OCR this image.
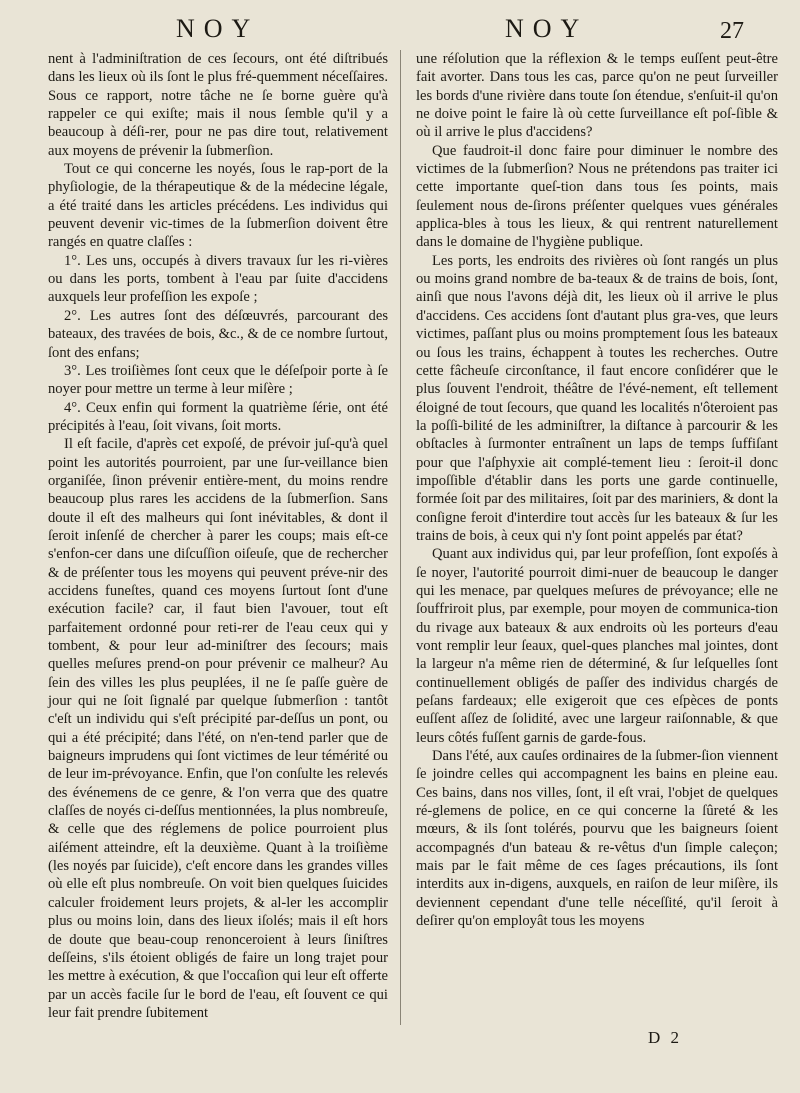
NOY	NOY	27

nent à l'adminiſtration de ces ſecours, ont été diſtribués dans les lieux où ils ſont le plus fré-quemment néceſſaires. Sous ce rapport, notre tâche ne ſe borne guère qu'à rappeler ce qui exiſte; mais il nous ſemble qu'il y a beaucoup à déſi-rer, pour ne pas dire tout, relativement aux moyens de prévenir la ſubmerſion.

Tout ce qui concerne les noyés, ſous le rap-port de la phyſiologie, de la thérapeutique & de la médecine légale, a été traité dans les articles précédens. Les individus qui peuvent devenir vic-times de la ſubmerſion doivent être rangés en quatre claſſes :

1°. Les uns, occupés à divers travaux ſur les ri-vières ou dans les ports, tombent à l'eau par ſuite d'accidens auxquels leur profeſſion les expoſe ;

2°. Les autres ſont des déſœuvrés, parcourant des bateaux, des travées de bois, &c., & de ce nombre ſurtout, ſont des enfans;

3°. Les troiſièmes ſont ceux que le déſeſpoir porte à ſe noyer pour mettre un terme à leur miſère ;

4°. Ceux enfin qui forment la quatrième ſérie, ont été précipités à l'eau, ſoit vivans, ſoit morts.

Il eſt facile, d'après cet expoſé, de prévoir juſ-qu'à quel point les autorités pourroient, par une ſur-veillance bien organiſée, ſinon prévenir entière-ment, du moins rendre beaucoup plus rares les accidens de la ſubmerſion. Sans doute il eſt des malheurs qui ſont inévitables, & dont il ſeroit inſenſé de chercher à parer les coups; mais eſt-ce s'enfon-cer dans une diſcuſſion oiſeuſe, que de rechercher & de préſenter tous les moyens qui peuvent préve-nir des accidens funeſtes, quand ces moyens ſurtout ſont d'une exécution facile? car, il faut bien l'avouer, tout eſt parfaitement ordonné pour reti-rer de l'eau ceux qui y tombent, & pour leur ad-miniſtrer des ſecours; mais quelles meſures prend-on pour prévenir ce malheur? Au ſein des villes les plus peuplées, il ne ſe paſſe guère de jour qui ne ſoit ſignalé par quelque ſubmerſion : tantôt c'eſt un individu qui s'eſt précipité par-deſſus un pont, ou qui a été précipité; dans l'été, on n'en-tend parler que de baigneurs imprudens qui ſont victimes de leur témérité ou de leur im-prévoyance. Enfin, que l'on conſulte les relevés des événemens de ce genre, & l'on verra que des quatre claſſes de noyés ci-deſſus mentionnées, la plus nombreuſe, & celle que des réglemens de police pourroient plus aiſément atteindre, eſt la deuxième. Quant à la troiſième (les noyés par ſuicide), c'eſt encore dans les grandes villes où elle eſt plus nombreuſe. On voit bien quelques ſuicides calculer froidement leurs projets, & al-ler les accomplir plus ou moins loin, dans des lieux iſolés; mais il eſt hors de doute que beau-coup renonceroient à leurs ſiniſtres deſſeins, s'ils étoient obligés de faire un long trajet pour les mettre à exécution, & que l'occaſion qui leur eſt offerte par un accès facile ſur le bord de l'eau, eſt ſouvent ce qui leur fait prendre ſubitement

une réſolution que la réflexion & le temps euſſent peut-être fait avorter. Dans tous les cas, parce qu'on ne peut ſurveiller les bords d'une rivière dans toute ſon étendue, s'enſuit-il qu'on ne doive point le faire là où cette ſurveillance eſt poſ-ſible & où il arrive le plus d'accidens?

Que faudroit-il donc faire pour diminuer le nombre des victimes de la ſubmerſion? Nous ne prétendons pas traiter ici cette importante queſ-tion dans tous ſes points, mais ſeulement nous de-ſirons préſenter quelques vues générales applica-bles à tous les lieux, & qui rentrent naturellement dans le domaine de l'hygiène publique.

Les ports, les endroits des rivières où ſont rangés un plus ou moins grand nombre de ba-teaux & de trains de bois, ſont, ainſi que nous l'avons déjà dit, les lieux où il arrive le plus d'accidens. Ces accidens ſont d'autant plus gra-ves, que leurs victimes, paſſant plus ou moins promptement ſous les bateaux ou ſous les trains, échappent à toutes les recherches. Outre cette fâcheuſe circonſtance, il faut encore conſidérer que le plus ſouvent l'endroit, théâtre de l'évé-nement, eſt tellement éloigné de tout ſecours, que quand les localités n'ôteroient pas la poſſi-bilité de les adminiſtrer, la diſtance à parcourir & les obſtacles à ſurmonter entraînent un laps de temps ſuffiſant pour que l'aſphyxie ait complé-tement lieu : ſeroit-il donc impoſſible d'établir dans les ports une garde continuelle, formée ſoit par des militaires, ſoit par des mariniers, & dont la conſigne feroit d'interdire tout accès ſur les bateaux & ſur les trains de bois, à ceux qui n'y ſont point appelés par état?

Quant aux individus qui, par leur profeſſion, ſont expoſés à ſe noyer, l'autorité pourroit dimi-nuer de beaucoup le danger qui les menace, par quelques meſures de prévoyance; elle ne ſouffriroit plus, par exemple, pour moyen de communica-tion du rivage aux bateaux & aux endroits où les porteurs d'eau vont remplir leur ſeaux, quel-ques planches mal jointes, dont la largeur n'a même rien de déterminé, & ſur leſquelles ſont continuellement obligés de paſſer des individus chargés de peſans fardeaux; elle exigeroit que ces eſpèces de ponts euſſent aſſez de ſolidité, avec une largeur raiſonnable, & que leurs côtés fuſſent garnis de garde-fous.

Dans l'été, aux cauſes ordinaires de la ſubmer-ſion viennent ſe joindre celles qui accompagnent les bains en pleine eau. Ces bains, dans nos villes, ſont, il eſt vrai, l'objet de quelques ré-glemens de police, en ce qui concerne la ſûreté & les mœurs, & ils ſont tolérés, pourvu que les baigneurs ſoient accompagnés d'un bateau & re-vêtus d'un ſimple caleçon; mais par le fait même de ces ſages précautions, ils ſont interdits aux in-digens, auxquels, en raiſon de leur miſère, ils deviennent cependant d'une telle néceſſité, qu'il ſeroit à deſirer qu'on employât tous les moyens

D 2
